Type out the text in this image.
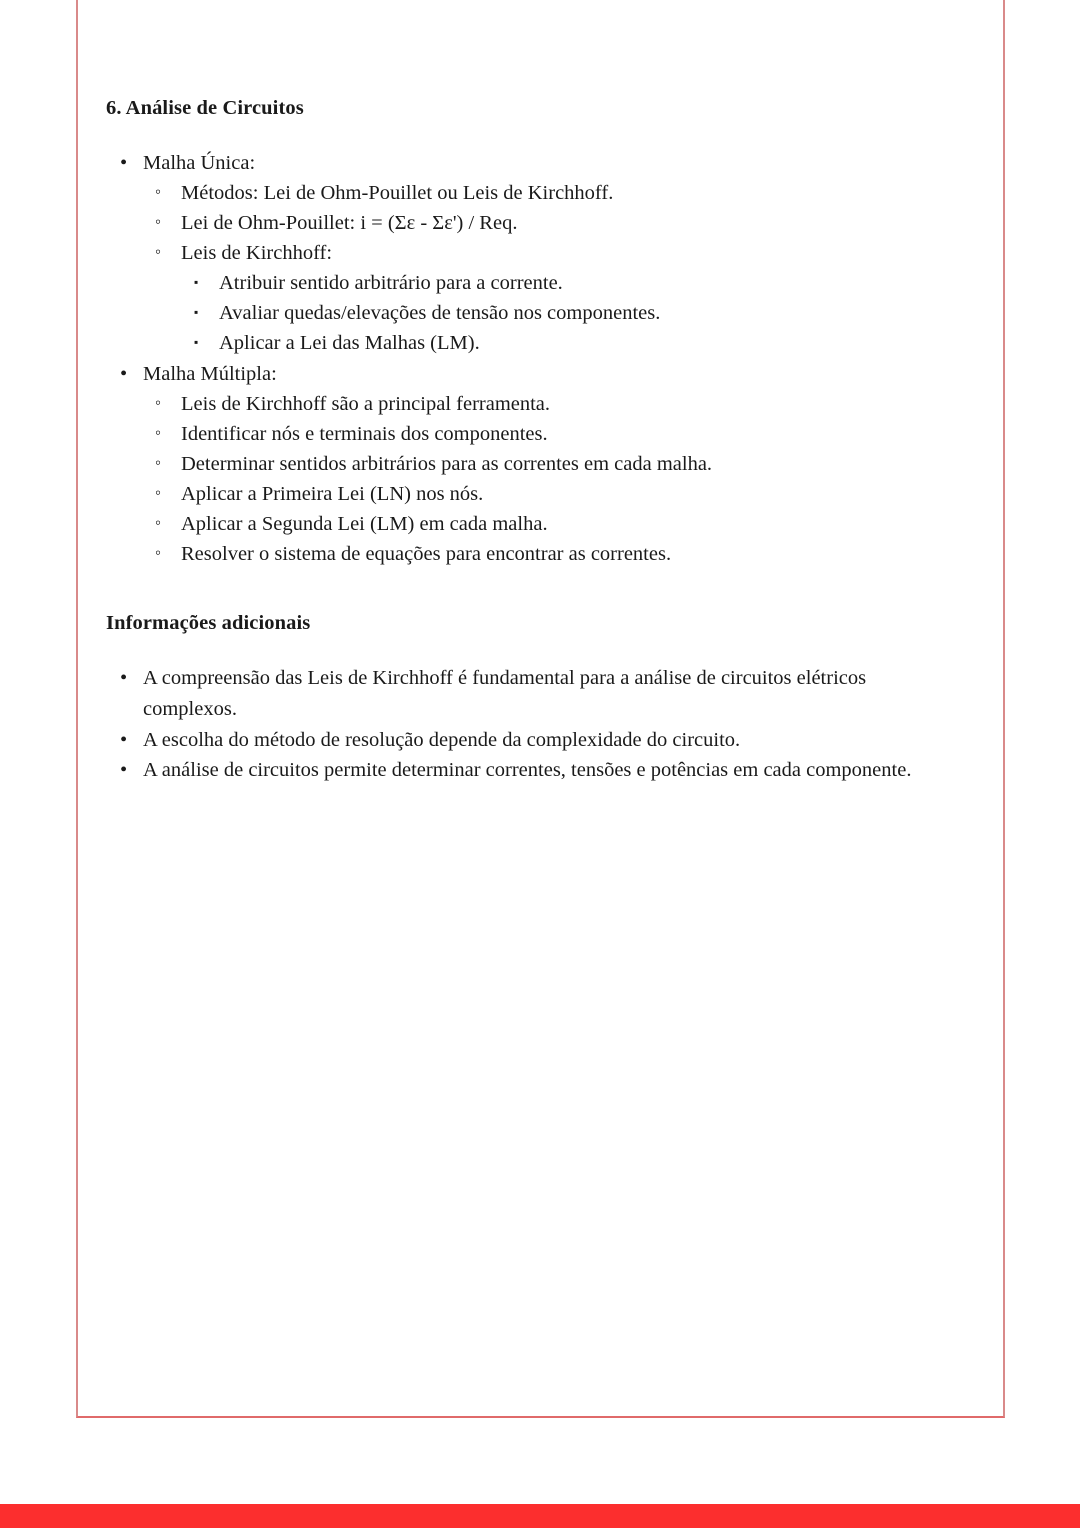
6. Análise de Circuitos
• Malha Única:
◦ Métodos: Lei de Ohm-Pouillet ou Leis de Kirchhoff.
◦ Lei de Ohm-Pouillet: i = (Σε - Σε') / Req.
◦ Leis de Kirchhoff:
▪ Atribuir sentido arbitrário para a corrente.
▪ Avaliar quedas/elevações de tensão nos componentes.
▪ Aplicar a Lei das Malhas (LM).
• Malha Múltipla:
◦ Leis de Kirchhoff são a principal ferramenta.
◦ Identificar nós e terminais dos componentes.
◦ Determinar sentidos arbitrários para as correntes em cada malha.
◦ Aplicar a Primeira Lei (LN) nos nós.
◦ Aplicar a Segunda Lei (LM) em cada malha.
◦ Resolver o sistema de equações para encontrar as correntes.
Informações adicionais
• A compreensão das Leis de Kirchhoff é fundamental para a análise de circuitos elétricos complexos.
• A escolha do método de resolução depende da complexidade do circuito.
• A análise de circuitos permite determinar correntes, tensões e potências em cada componente.
